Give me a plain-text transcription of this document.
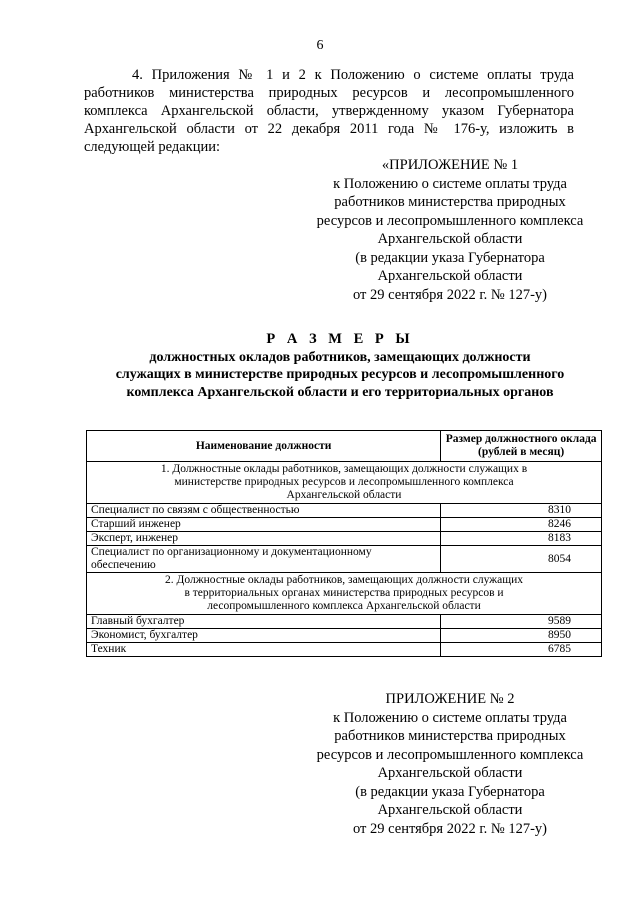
6

4. Приложения № 1 и 2 к Положению о системе оплаты труда работников министерства природных ресурсов и лесопромышленного комплекса Архангельской области, утвержденному указом Губернатора Архангельской области от 22 декабря 2011 года № 176-у, изложить в следующей редакции:

«ПРИЛОЖЕНИЕ № 1
к Положению о системе оплаты труда
работников министерства природных
ресурсов и лесопромышленного комплекса
Архангельской области
(в редакции указа Губернатора
Архангельской области
от 29 сентября 2022 г. № 127-у)
Р А З М Е Р Ы
должностных окладов работников, замещающих должности
служащих в министерстве природных ресурсов и лесопромышленного
комплекса Архангельской области и его территориальных органов
Наименование должности	Размер должностного оклада (рублей в месяц)
1. Должностные оклады работников, замещающих должности служащих в министерстве природных ресурсов и лесопромышленного комплекса Архангельской области	
Специалист по связям с общественностью	8310
Старший инженер	8246
Эксперт, инженер	8183
Специалист по организационному и документационному обеспечению	8054
2. Должностные оклады работников, замещающих должности служащих в территориальных органах министерства природных ресурсов и лесопромышленного комплекса Архангельской области	
Главный бухгалтер	9589
Экономист, бухгалтер	8950
Техник	6785
ПРИЛОЖЕНИЕ № 2
к Положению о системе оплаты труда
работников министерства природных
ресурсов и лесопромышленного комплекса
Архангельской области
(в редакции указа Губернатора
Архангельской области
от 29 сентября 2022 г. № 127-у)
